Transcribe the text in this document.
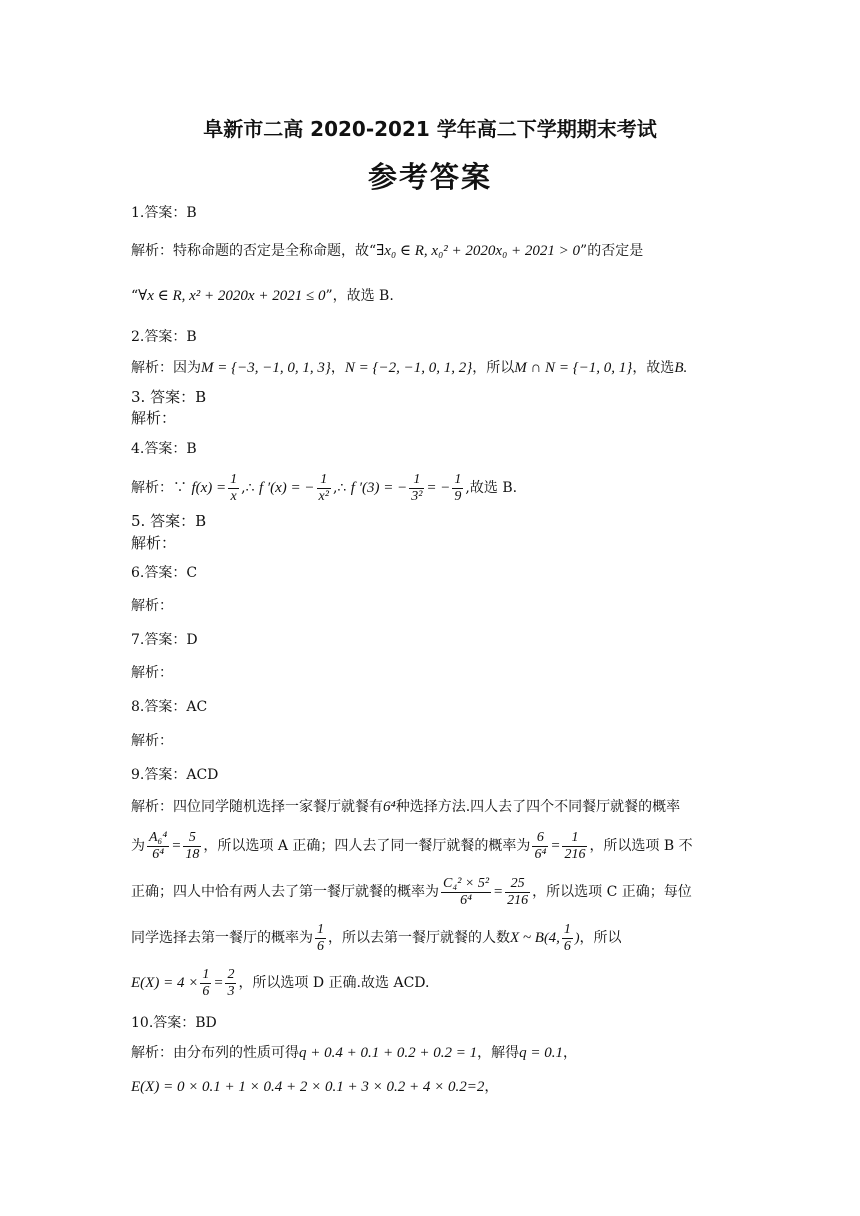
阜新市二高 2020-2021 学年高二下学期期末考试
参考答案
1.答案：B
解析：特称命题的否定是全称命题，故“∃x₀ ∈ R, x₀² + 2020x₀ + 2021 > 0”的否定是
“∀x ∈ R, x² + 2020x + 2021 ≤ 0”，故选 B.
2.答案：B
解析：因为M = {−3, −1, 0, 1, 3}，N = {−2, −1, 0, 1, 2}，所以M ∩ N = {−1, 0, 1}，故选B.
3. 答案：B
解析：
4.答案：B
解析：∵ $f(x) = \frac{1}{x}$ ,∴ f ′(x) = − $\frac{1}{\text{x²}}$ ,∴ f ′(3) = − $\frac{1}{\text{3²}}$ = − $\frac{1}{9}$ ,故选 B.
5. 答案：B
解析：
6.答案：C
解析：
7.答案：D
解析：
8.答案：AC
解析：
9.答案：ACD
解析：四位同学随机选择一家餐厅就餐有6⁴种选择方法.四人去了四个不同餐厅就餐的概率
为 $\frac{\text{A₆⁴}}{\text{6⁴}} = \frac{5}{18}$ ，所以选项 A 正确；四人去了同一餐厅就餐的概率为 $\frac{6}{\text{6⁴}} = \frac{1}{216}$ ，所以选项 B 不
正确；四人中恰有两人去了第一餐厅就餐的概率为 $\frac{\text{C₄² × 5²}}{\text{6⁴}} = \frac{25}{216}$ ，所以选项 C 正确；每位
同学选择去第一餐厅的概率为 $\frac{1}{6}$ ，所以去第一餐厅就餐的人数X ~ B(4, $\frac{1}{6}$ )，所以
$E(X) = 4 \times \frac{1}{6} = \frac{2}{3}$ ，所以选项 D 正确.故选 ACD.
10.答案：BD
解析：由分布列的性质可得q + 0.4 + 0.1 + 0.2 + 0.2 = 1，解得q = 0.1，
E(X) = 0 × 0.1 + 1 × 0.4 + 2 × 0.1 + 3 × 0.2 + 4 × 0.2=2，
